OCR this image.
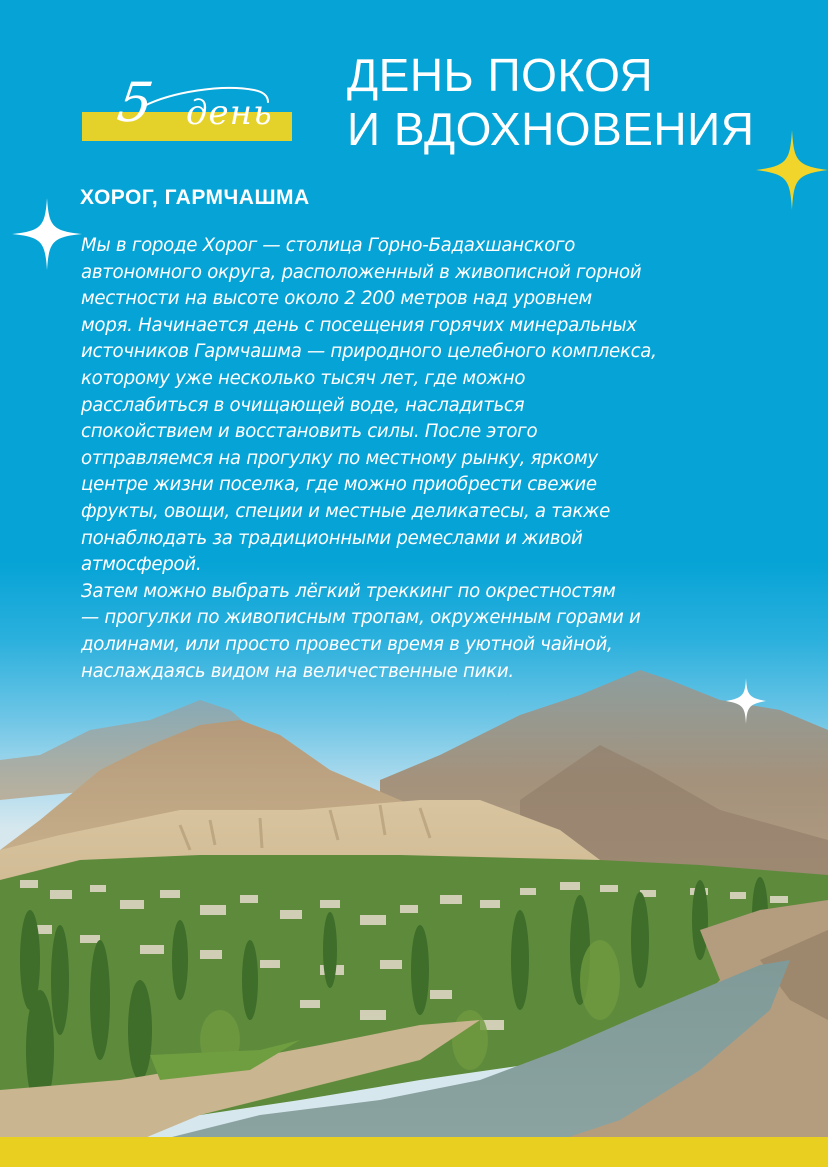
5 день
ДЕНЬ ПОКОЯ
И ВДОХНОВЕНИЯ
ХОРОГ, ГАРМЧАШМА
Мы в городе Хорог — столица Горно-Бадахшанского
автономного округа, расположенный в живописной горной
местности на высоте около 2 200 метров над уровнем
моря. Начинается день с посещения горячих минеральных
источников Гармчашма — природного целебного комплекса,
которому уже несколько тысяч лет, где можно
расслабиться в очищающей воде, насладиться
спокойствием и восстановить силы. После этого
отправляемся на прогулку по местному рынку, яркому
центре жизни поселка, где можно приобрести свежие
фрукты, овощи, специи и местные деликатесы, а также
понаблюдать за традиционными ремеслами и живой
атмосферой.
Затем можно выбрать лёгкий треккинг по окрестностям
— прогулки по живописным тропам, окруженным горами и
долинами, или просто провести время в уютной чайной,
наслаждаясь видом на величественные пики.
